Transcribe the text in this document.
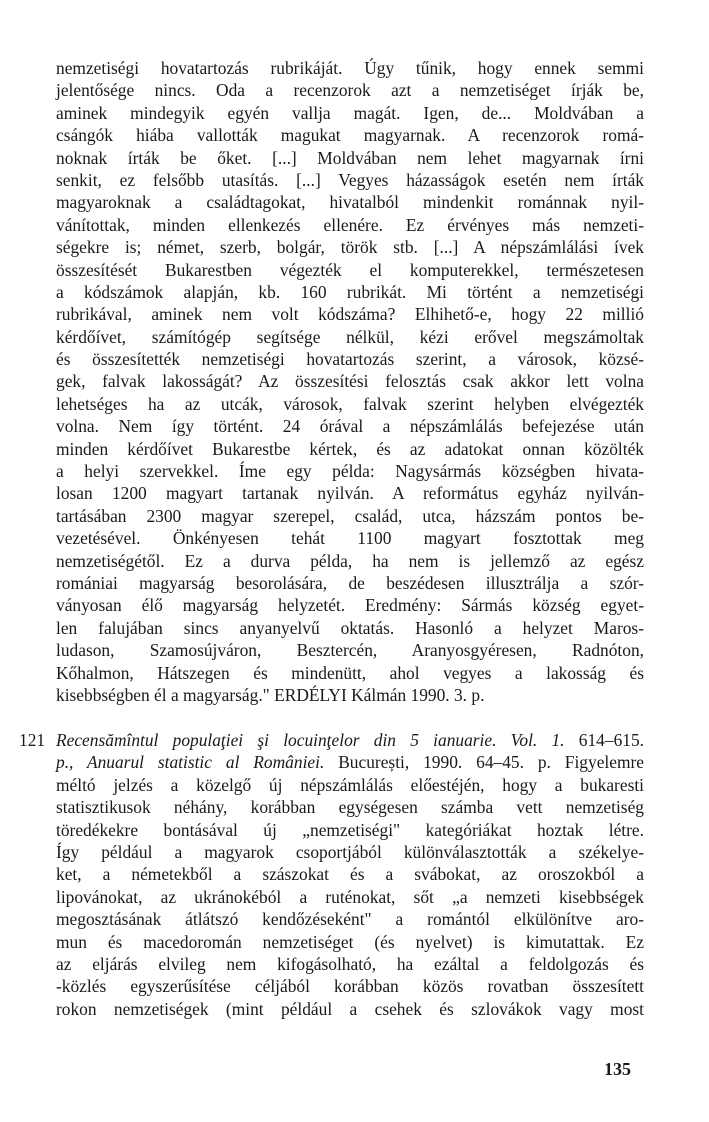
nemzetiségi hovatartozás rubrikáját. Úgy tűnik, hogy ennek semmi
jelentősége nincs. Oda a recenzorok azt a nemzetiséget írják be,
aminek mindegyik egyén vallja magát. Igen, de... Moldvában a
csángók hiába vallották magukat magyarnak. A recenzorok romá-
noknak írták be őket. [...] Moldvában nem lehet magyarnak írni
senkit, ez felsőbb utasítás. [...] Vegyes házasságok esetén nem írták
magyaroknak a családtagokat, hivatalból mindenkit románnak nyil-
vánítottak, minden ellenkezés ellenére. Ez érvényes más nemzeti-
ségekre is; német, szerb, bolgár, török stb. [...] A népszámlálási ívek
összesítését Bukarestben végezték el komputerekkel, természetesen
a kódszámok alapján, kb. 160 rubrikát. Mi történt a nemzetiségi
rubrikával, aminek nem volt kódszáma? Elhihető-e, hogy 22 millió
kérdőívet, számítógép segítsége nélkül, kézi erővel megszámoltak
és összesítették nemzetiségi hovatartozás szerint, a városok, közsé-
gek, falvak lakosságát? Az összesítési felosztás csak akkor lett volna
lehetséges ha az utcák, városok, falvak szerint helyben elvégezték
volna. Nem így történt. 24 órával a népszámlálás befejezése után
minden kérdőívet Bukarestbe kértek, és az adatokat onnan közölték
a helyi szervekkel. Íme egy példa: Nagysármás községben hivata-
losan 1200 magyart tartanak nyilván. A református egyház nyilván-
tartásában 2300 magyar szerepel, család, utca, házszám pontos be-
vezetésével. Önkényesen tehát 1100 magyart fosztottak meg
nemzetiségétől. Ez a durva példa, ha nem is jellemző az egész
romániai magyarság besorolására, de beszédesen illusztrálja a szór-
ványosan élő magyarság helyzetét. Eredmény: Sármás község egyet-
len falujában sincs anyanyelvű oktatás. Hasonló a helyzet Maros-
ludason, Szamosújváron, Besztercén, Aranyosgyéresen, Radnóton,
Kőhalmon, Hátszegen és mindenütt, ahol vegyes a lakosság és
kisebbségben él a magyarság." ERDÉLYI Kálmán 1990. 3. p.
121 Recensămîntul populaţiei şi locuinţelor din 5 ianuarie. Vol. 1. 614–615.
p., Anuarul statistic al României. București, 1990. 64–45. p. Figyelemre
méltó jelzés a közelgő új népszámlálás előestéjén, hogy a bukaresti
statisztikusok néhány, korábban egységesen számba vett nemzetiség
töredékekre bontásával új „nemzetiségi" kategóriákat hoztak létre.
Így például a magyarok csoportjából különválasztották a székelye-
ket, a németekből a szászokat és a svábokat, az oroszokból a
lipovánokat, az ukránokéból a ruténokat, sőt „a nemzeti kisebbségek
megosztásának átlátszó kendőzéseként" a romántól elkülönítve aro-
mun és macedoromán nemzetiséget (és nyelvet) is kimutattak. Ez
az eljárás elvileg nem kifogásolható, ha ezáltal a feldolgozás és
-közlés egyszerűsítése céljából korábban közös rovatban összesített
rokon nemzetiségek (mint például a csehek és szlovákok vagy most
135
